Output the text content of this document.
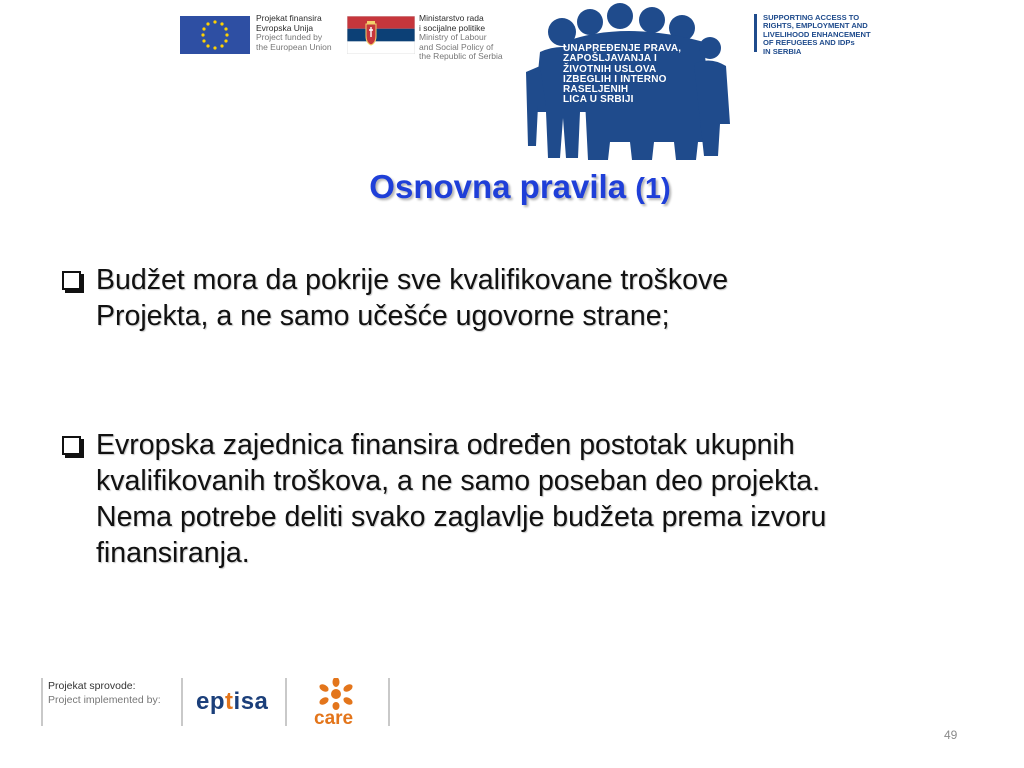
Projekat finansira
Evropska Unija
Project funded by
the European Union
Ministarstvo rada
i socijalne politike
Ministry of Labour
and Social Policy of
the Republic of Serbia
UNAPREĐENJE PRAVA,
ZAPOŠLJAVANJA I
ŽIVOTNIH USLOVA
IZBEGLIH I INTERNO
RASELJENIH
LICA U SRBIJI
SUPPORTING ACCESS TO
RIGHTS, EMPLOYMENT AND
LIVELIHOOD ENHANCEMENT
OF REFUGEES AND IDPs
IN SERBIA
Osnovna pravila (1)
Budžet mora da pokrije sve kvalifikovane troškove
Projekta, a ne samo učešće ugovorne strane;
Evropska zajednica finansira određen postotak ukupnih
kvalifikovanih troškova, a ne samo poseban deo projekta.
Nema potrebe deliti svako zaglavlje budžeta prema izvoru
finansiranja.
Projekat sprovode:
Project implemented by: eptisa
care
49
